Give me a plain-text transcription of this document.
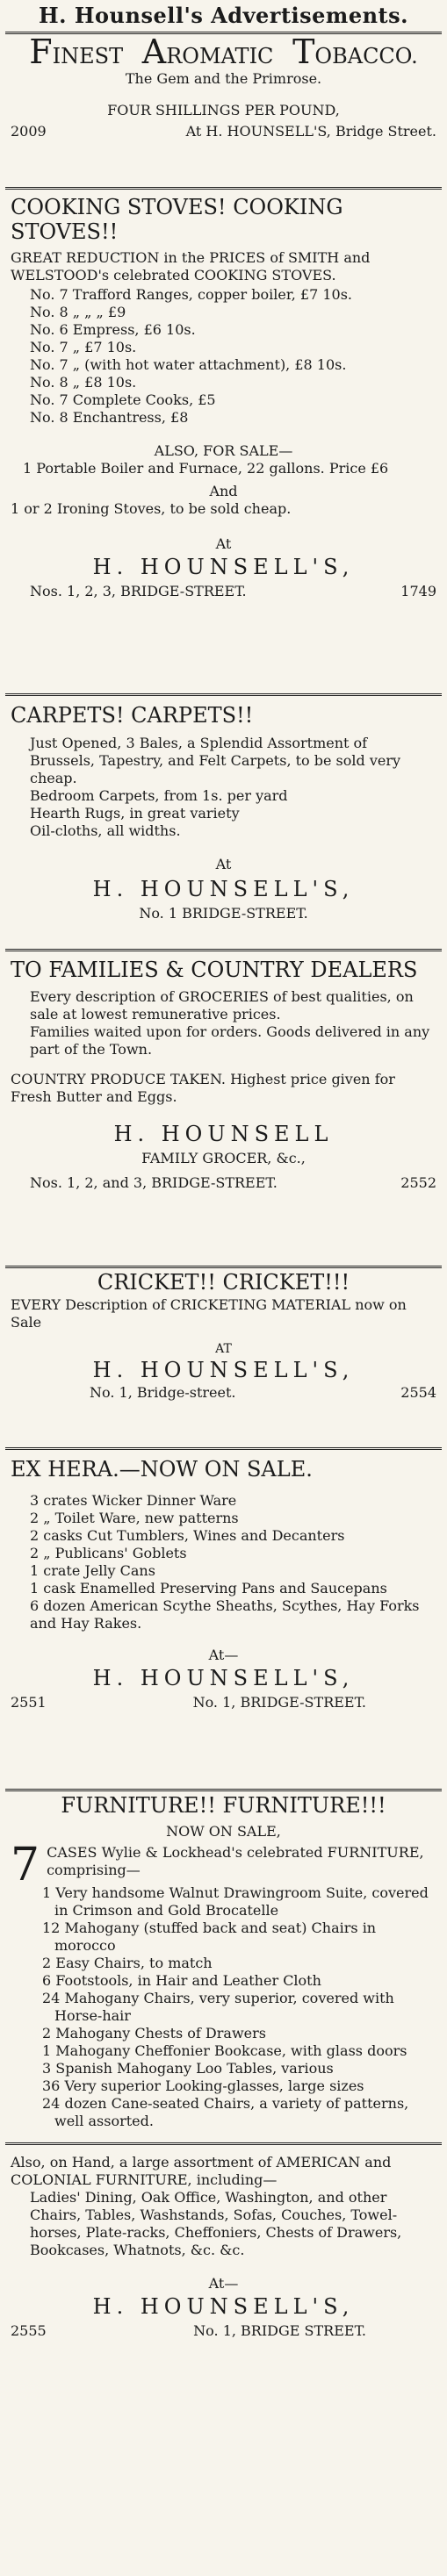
H. Hounsell's Advertisements.
FINEST AROMATIC TOBACCO.
The Gem and the Primrose.
FOUR SHILLINGS PER POUND,
2009	At H. HOUNSELL'S, Bridge Street.
COOKING STOVES! COOKING STOVES!!
GREAT REDUCTION in the PRICES of SMITH and WELSTOOD's celebrated COOKING STOVES.

No. 7 Trafford Ranges, copper boiler, £7 10s.

No. 8 „ „ „ £9

No. 6 Empress, £6 10s.

No. 7 „ £7 10s.

No. 7 „ (with hot water attachment), £8 10s.

No. 8 „ £8 10s.

No. 7 Complete Cooks, £5

No. 8 Enchantress, £8

ALSO, FOR SALE—
1 Portable Boiler and Furnace, 22 gallons. Price £6
And
1 or 2 Ironing Stoves, to be sold cheap.
At
H. HOUNSELL'S,
Nos. 1, 2, 3, BRIDGE-STREET.	1749
CARPETS! CARPETS!!
Just Opened, 3 Bales, a Splendid Assortment of Brussels, Tapestry, and Felt Carpets, to be sold very cheap.

Bedroom Carpets, from 1s. per yard

Hearth Rugs, in great variety

Oil-cloths, all widths.

At
H. HOUNSELL'S,
No. 1 BRIDGE-STREET.
TO FAMILIES & COUNTRY DEALERS
Every description of GROCERIES of best qualities, on sale at lowest remunerative prices.
Families waited upon for orders. Goods delivered in any part of the Town.
COUNTRY PRODUCE TAKEN. Highest price given for Fresh Butter and Eggs.
H. HOUNSELL
FAMILY GROCER, &c.,
Nos. 1, 2, and 3, BRIDGE-STREET.	2552
CRICKET!! CRICKET!!!
EVERY Description of CRICKETING MATERIAL now on Sale
AT
H. HOUNSELL'S,
No. 1, Bridge-street.	2554
EX HERA.—NOW ON SALE.

3 crates Wicker Dinner Ware

2 „ Toilet Ware, new patterns

2 casks Cut Tumblers, Wines and Decanters

2 „ Publicans' Goblets

1 crate Jelly Cans

1 cask Enamelled Preserving Pans and Saucepans

6 dozen American Scythe Sheaths, Scythes, Hay Forks and Hay Rakes.

At—
H. HOUNSELL'S,
2551	No. 1, BRIDGE-STREET.
FURNITURE!! FURNITURE!!!
NOW ON SALE,
7 CASES Wylie & Lockhead's celebrated FURNITURE, comprising—

1 Very handsome Walnut Drawingroom Suite, covered in Crimson and Gold Brocatelle

12 Mahogany (stuffed back and seat) Chairs in morocco

2 Easy Chairs, to match

6 Footstools, in Hair and Leather Cloth

24 Mahogany Chairs, very superior, covered with Horse-hair

2 Mahogany Chests of Drawers

1 Mahogany Cheffonier Bookcase, with glass doors

3 Spanish Mahogany Loo Tables, various

36 Very superior Looking-glasses, large sizes

24 dozen Cane-seated Chairs, a variety of patterns, well assorted.

Also, on Hand, a large assortment of AMERICAN and COLONIAL FURNITURE, including—
Ladies' Dining, Oak Office, Washington, and other Chairs, Tables, Washstands, Sofas, Couches, Towel-horses, Plate-racks, Cheffoniers, Chests of Drawers, Bookcases, Whatnots, &c. &c.
At—
H. HOUNSELL'S,
2555	No. 1, BRIDGE STREET.
